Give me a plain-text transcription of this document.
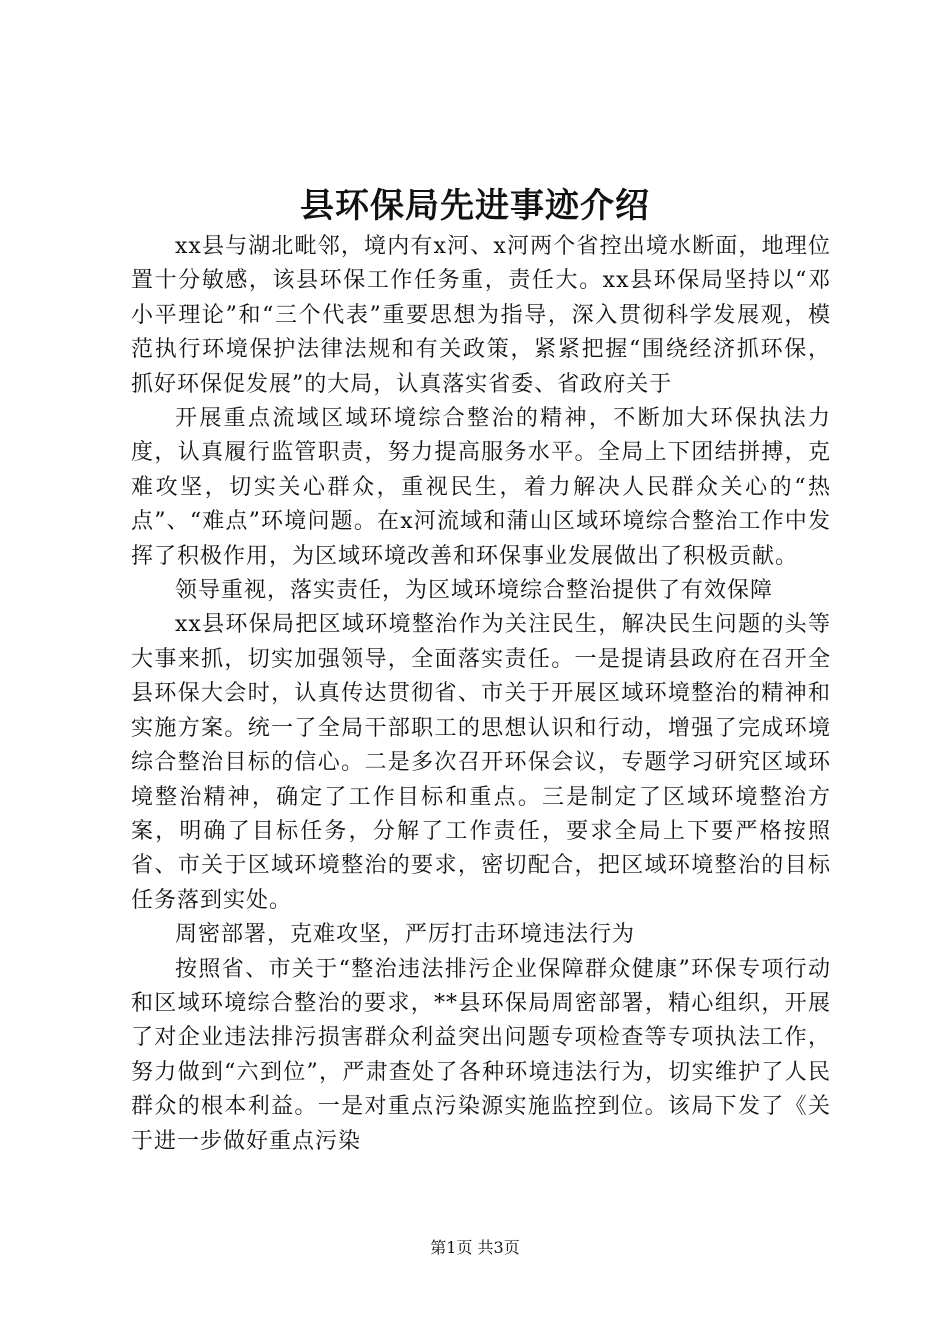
县环保局先进事迹介绍

xx县与湖北毗邻，境内有x河、x河两个省控出境水断面，地理位置十分敏感，该县环保工作任务重，责任大。xx县环保局坚持以“邓小平理论”和“三个代表”重要思想为指导，深入贯彻科学发展观，模范执行环境保护法律法规和有关政策，紧紧把握“围绕经济抓环保，抓好环保促发展”的大局，认真落实省委、省政府关于

开展重点流域区域环境综合整治的精神，不断加大环保执法力度，认真履行监管职责，努力提高服务水平。全局上下团结拼搏，克难攻坚，切实关心群众，重视民生，着力解决人民群众关心的“热点”、“难点”环境问题。在x河流域和蒲山区域环境综合整治工作中发挥了积极作用，为区域环境改善和环保事业发展做出了积极贡献。

领导重视，落实责任，为区域环境综合整治提供了有效保障

xx县环保局把区域环境整治作为关注民生，解决民生问题的头等大事来抓，切实加强领导，全面落实责任。一是提请县政府在召开全县环保大会时，认真传达贯彻省、市关于开展区域环境整治的精神和实施方案。统一了全局干部职工的思想认识和行动，增强了完成环境综合整治目标的信心。二是多次召开环保会议，专题学习研究区域环境整治精神，确定了工作目标和重点。三是制定了区域环境整治方案，明确了目标任务，分解了工作责任，要求全局上下要严格按照省、市关于区域环境整治的要求，密切配合，把区域环境整治的目标任务落到实处。

周密部署，克难攻坚，严厉打击环境违法行为

按照省、市关于“整治违法排污企业保障群众健康”环保专项行动和区域环境综合整治的要求，**县环保局周密部署，精心组织，开展了对企业违法排污损害群众利益突出问题专项检查等专项执法工作，努力做到“六到位”，严肃查处了各种环境违法行为，切实维护了人民群众的根本利益。一是对重点污染源实施监控到位。该局下发了《关于进一步做好重点污染

第1页 共3页
